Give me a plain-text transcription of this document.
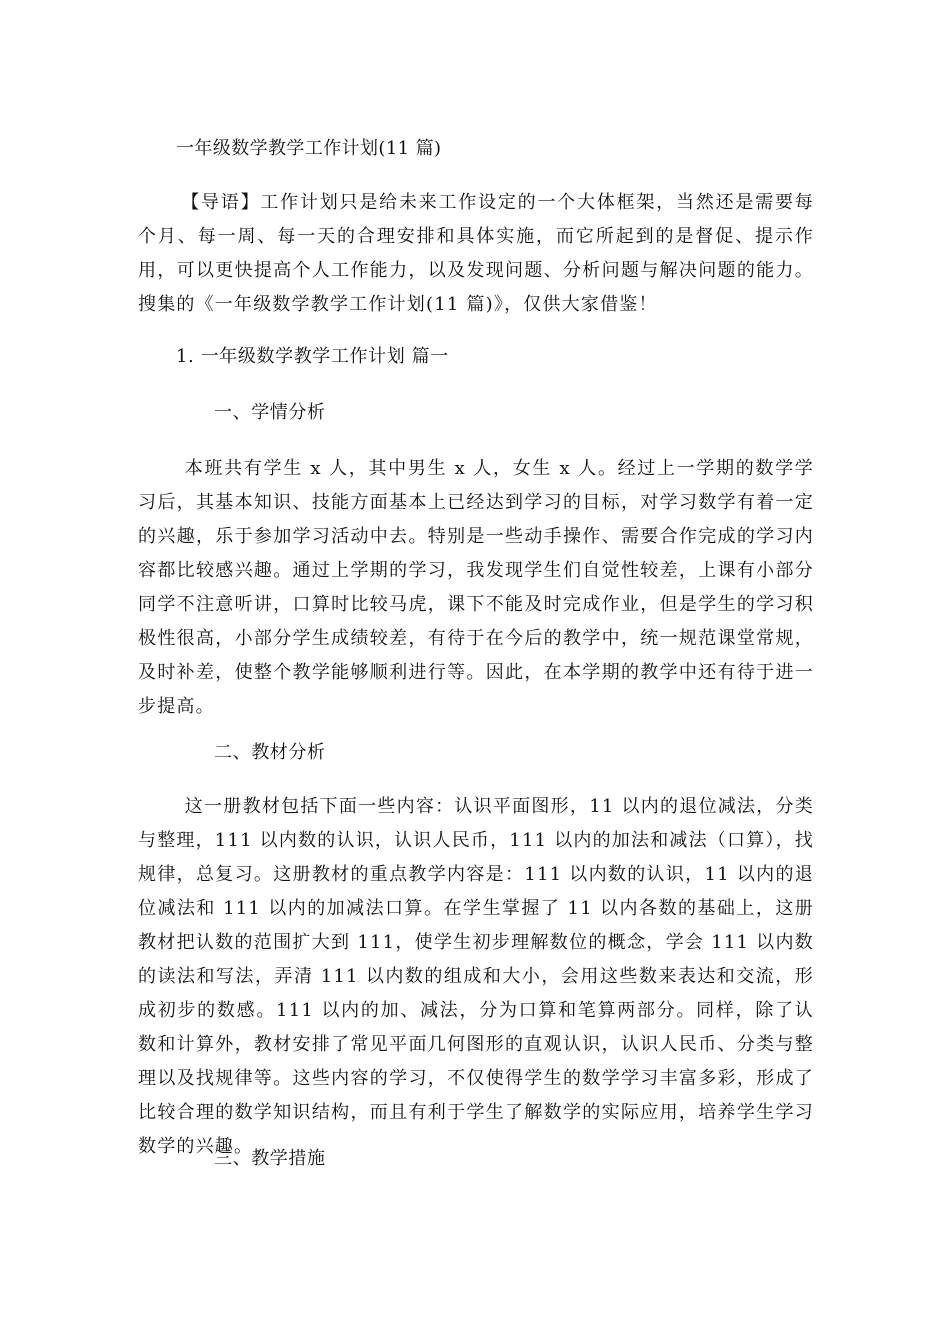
一年级数学教学工作计划(11 篇)

【导语】工作计划只是给未来工作设定的一个大体框架，当然还是需要每个月、每一周、每一天的合理安排和具体实施，而它所起到的是督促、提示作用，可以更快提高个人工作能力，以及发现问题、分析问题与解决问题的能力。搜集的《一年级数学教学工作计划(11 篇)》，仅供大家借鉴！

1. 一年级数学教学工作计划 篇一
一、学情分析

本班共有学生 x 人，其中男生 x 人，女生 x 人。经过上一学期的数学学习后，其基本知识、技能方面基本上已经达到学习的目标，对学习数学有着一定的兴趣，乐于参加学习活动中去。特别是一些动手操作、需要合作完成的学习内容都比较感兴趣。通过上学期的学习，我发现学生们自觉性较差，上课有小部分同学不注意听讲，口算时比较马虎，课下不能及时完成作业，但是学生的学习积极性很高，小部分学生成绩较差，有待于在今后的教学中，统一规范课堂常规，及时补差，使整个教学能够顺利进行等。因此，在本学期的教学中还有待于进一步提高。

二、教材分析

这一册教材包括下面一些内容：认识平面图形，11 以内的退位减法，分类与整理，111 以内数的认识，认识人民币，111 以内的加法和减法（口算），找规律，总复习。这册教材的重点教学内容是：111 以内数的认识，11 以内的退位减法和 111 以内的加减法口算。在学生掌握了 11 以内各数的基础上，这册教材把认数的范围扩大到 111，使学生初步理解数位的概念，学会 111 以内数的读法和写法，弄清 111 以内数的组成和大小，会用这些数来表达和交流，形成初步的数感。111 以内的加、减法，分为口算和笔算两部分。同样，除了认数和计算外，教材安排了常见平面几何图形的直观认识，认识人民币、分类与整理以及找规律等。这些内容的学习，不仅使得学生的数学学习丰富多彩，形成了比较合理的数学知识结构，而且有利于学生了解数学的实际应用，培养学生学习数学的兴趣。

三、教学措施
